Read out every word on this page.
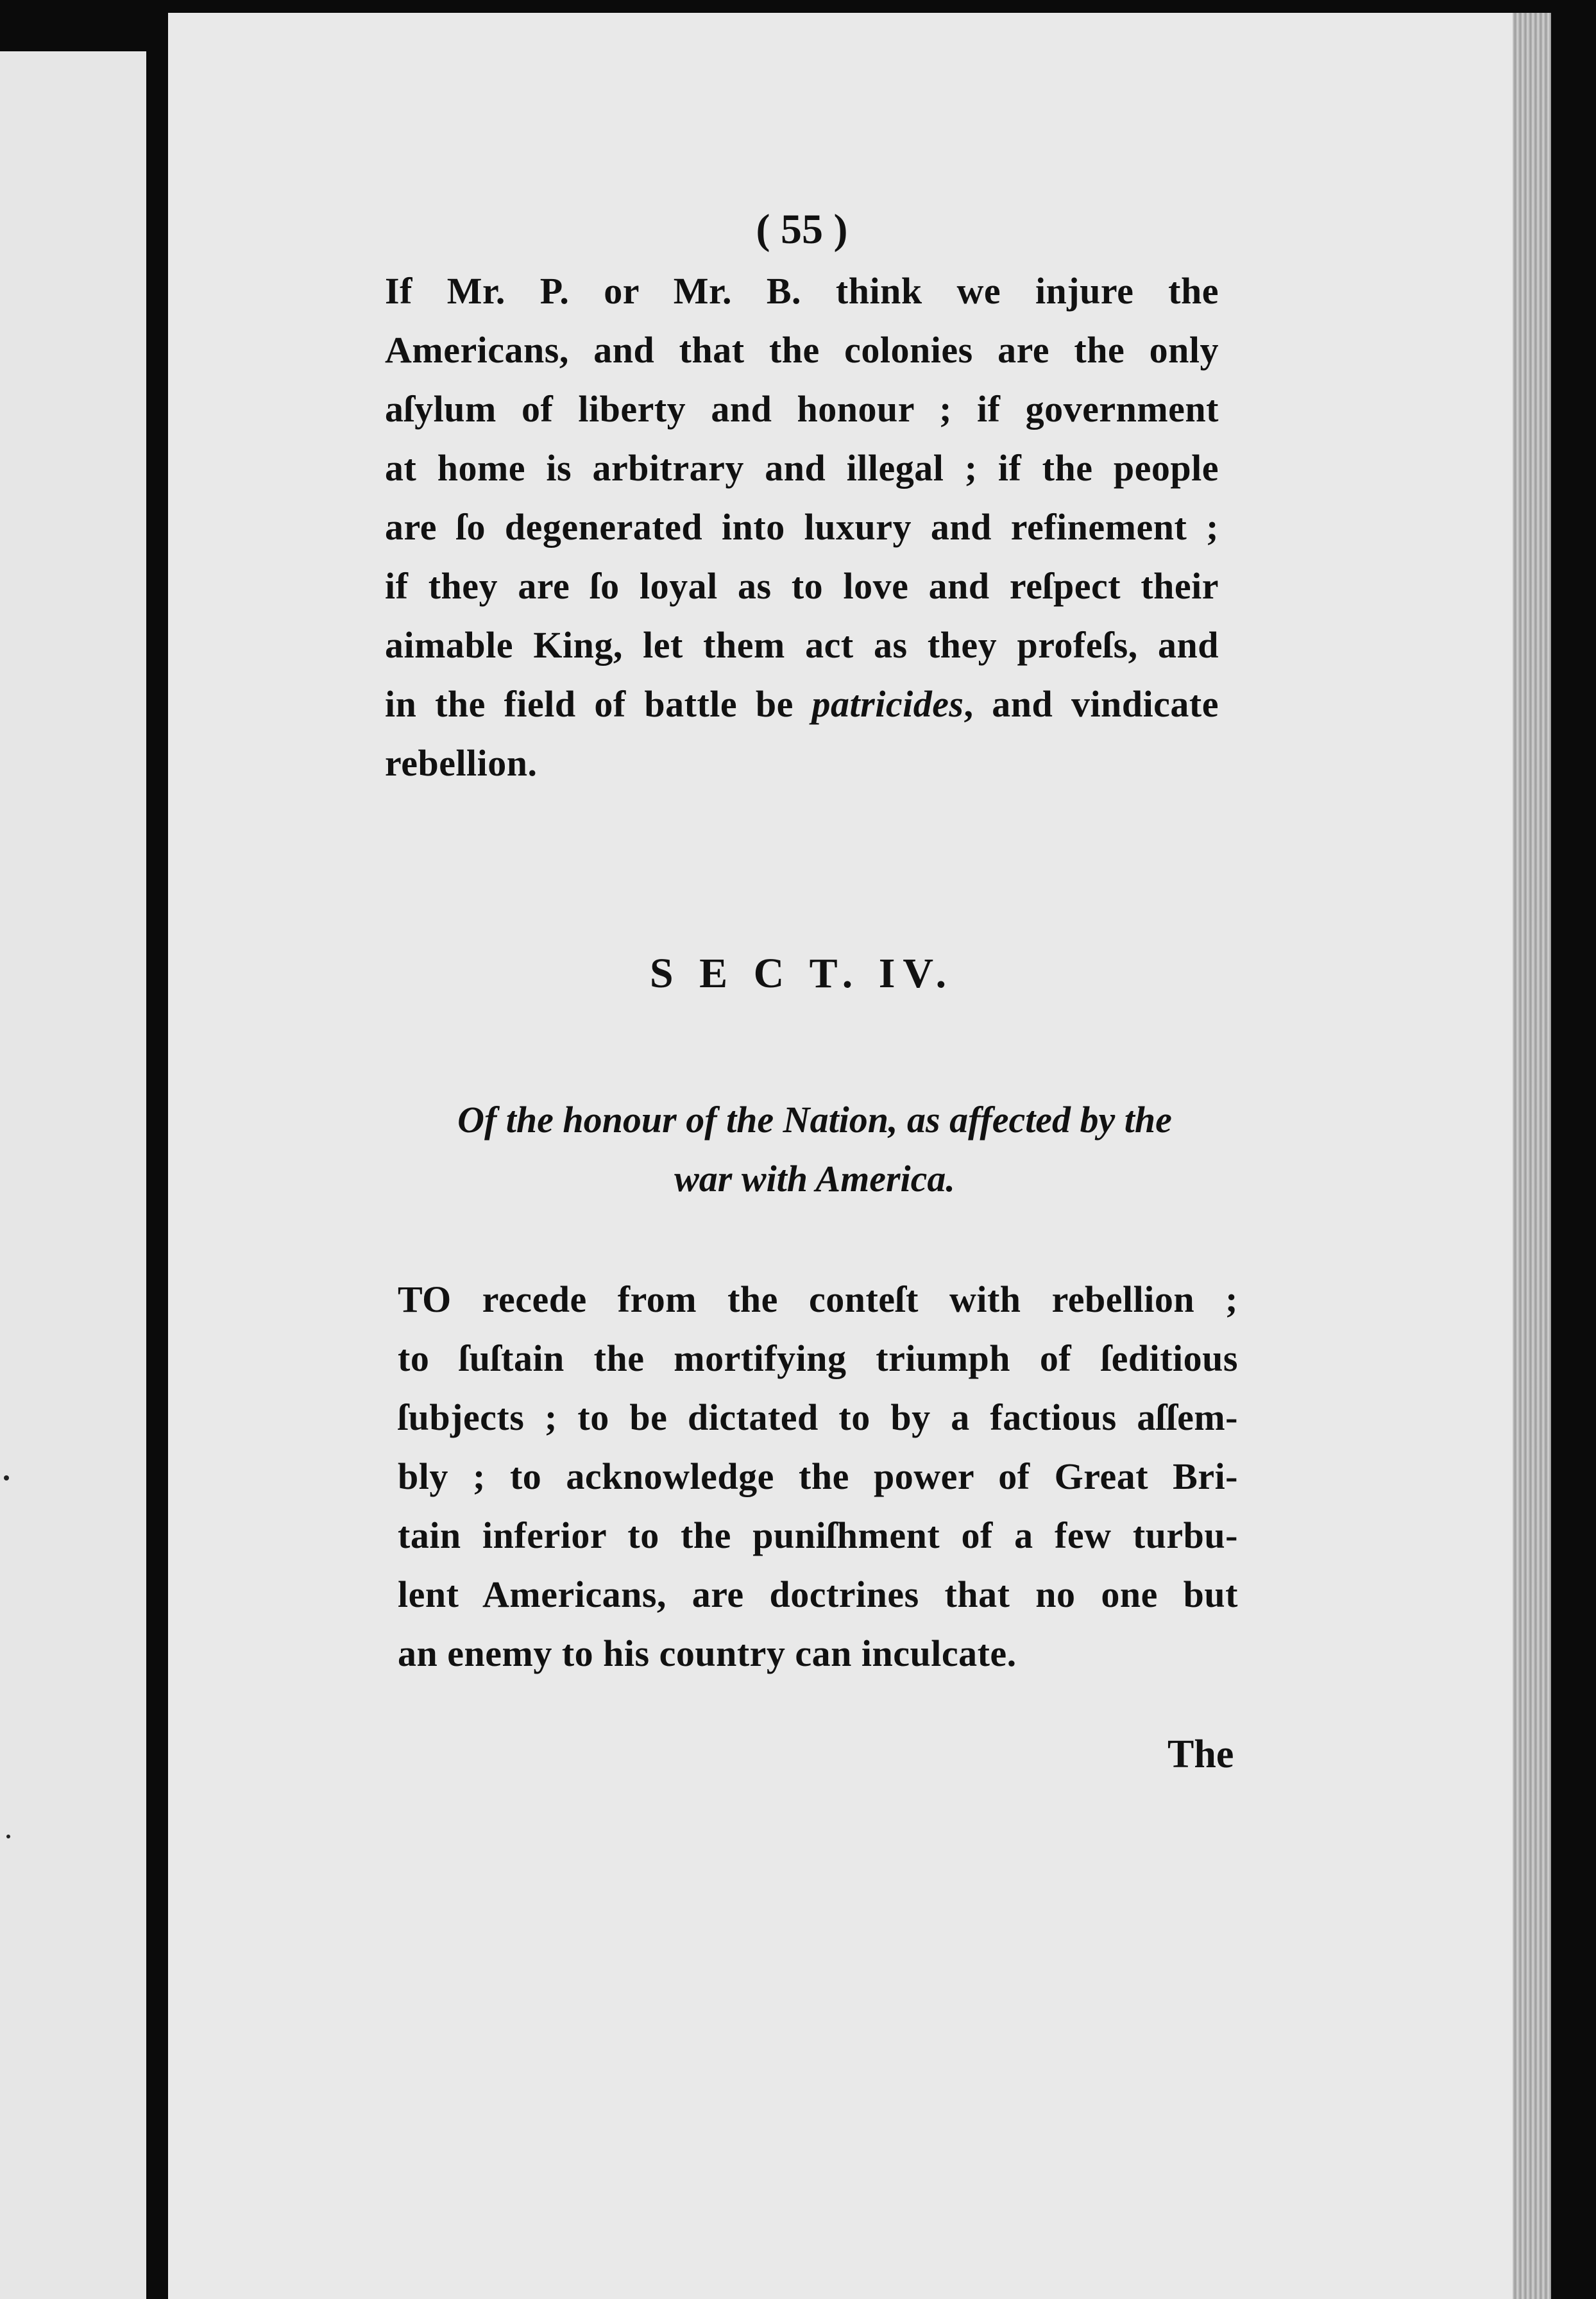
( 55 )
If Mr. P. or Mr. B. think we injure the
Americans, and that the colonies are the only
aſylum of liberty and honour ; if government
at home is arbitrary and illegal ; if the people
are ſo degenerated into luxury and refinement ;
if they are ſo loyal as to love and reſpect their
aimable King, let them act as they profeſs, and
in the field of battle be patricides, and vindicate
rebellion.
S E C T. IV.
Of the honour of the Nation, as affected by the
war with America.
TO recede from the conteſt with rebellion ;
to ſuſtain the mortifying triumph of ſeditious
ſubjects ; to be dictated to by a factious aſſem-
bly ; to acknowledge the power of Great Bri-
tain inferior to the puniſhment of a few turbu-
lent Americans, are doctrines that no one but
an enemy to his country can inculcate.
The
